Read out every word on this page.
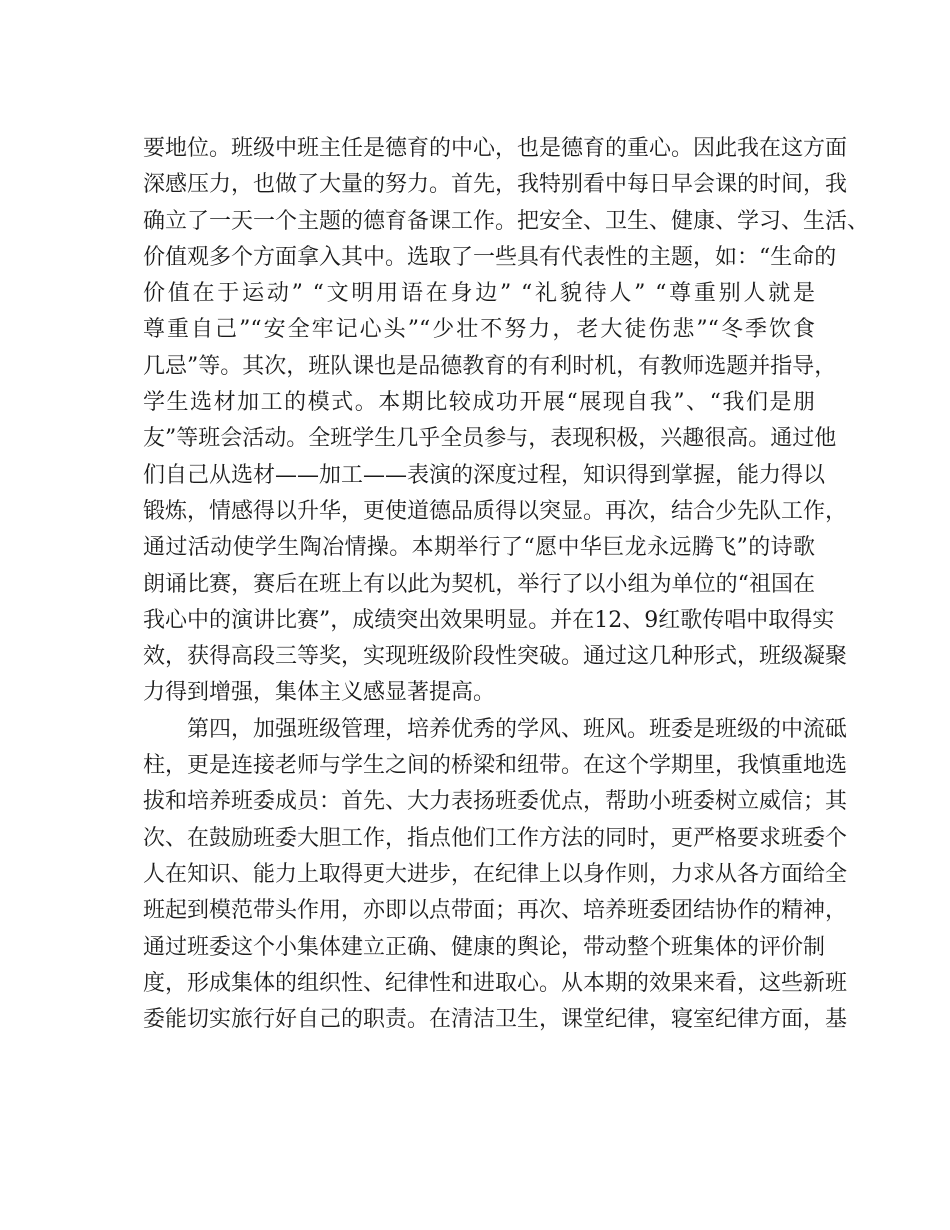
要地位。班级中班主任是德育的中心，也是德育的重心。因此我在这方面
深感压力，也做了大量的努力。首先，我特别看中每日早会课的时间，我
确立了一天一个主题的德育备课工作。把安全、卫生、健康、学习、生活、
价值观多个方面拿入其中。选取了一些具有代表性的主题，如：“生命的
价值在于运动” “文明用语在身边” “礼貌待人” “尊重别人就是
尊重自己”“安全牢记心头”“少壮不努力，老大徒伤悲”“冬季饮食
几忌”等。其次，班队课也是品德教育的有利时机，有教师选题并指导，
学生选材加工的模式。本期比较成功开展“展现自我”、“我们是朋
友”等班会活动。全班学生几乎全员参与，表现积极，兴趣很高。通过他
们自己从选材——加工——表演的深度过程，知识得到掌握，能力得以
锻炼，情感得以升华，更使道德品质得以突显。再次，结合少先队工作，
通过活动使学生陶冶情操。本期举行了“愿中华巨龙永远腾飞”的诗歌
朗诵比赛，赛后在班上有以此为契机，举行了以小组为单位的“祖国在
我心中的演讲比赛”，成绩突出效果明显。并在12、9红歌传唱中取得实
效，获得高段三等奖，实现班级阶段性突破。通过这几种形式，班级凝聚
力得到增强，集体主义感显著提高。
第四，加强班级管理，培养优秀的学风、班风。班委是班级的中流砥
柱，更是连接老师与学生之间的桥梁和纽带。在这个学期里，我慎重地选
拔和培养班委成员：首先、大力表扬班委优点，帮助小班委树立威信；其
次、在鼓励班委大胆工作，指点他们工作方法的同时，更严格要求班委个
人在知识、能力上取得更大进步，在纪律上以身作则，力求从各方面给全
班起到模范带头作用，亦即以点带面；再次、培养班委团结协作的精神，
通过班委这个小集体建立正确、健康的舆论，带动整个班集体的评价制
度，形成集体的组织性、纪律性和进取心。从本期的效果来看，这些新班
委能切实旅行好自己的职责。在清洁卫生，课堂纪律，寝室纪律方面，基
